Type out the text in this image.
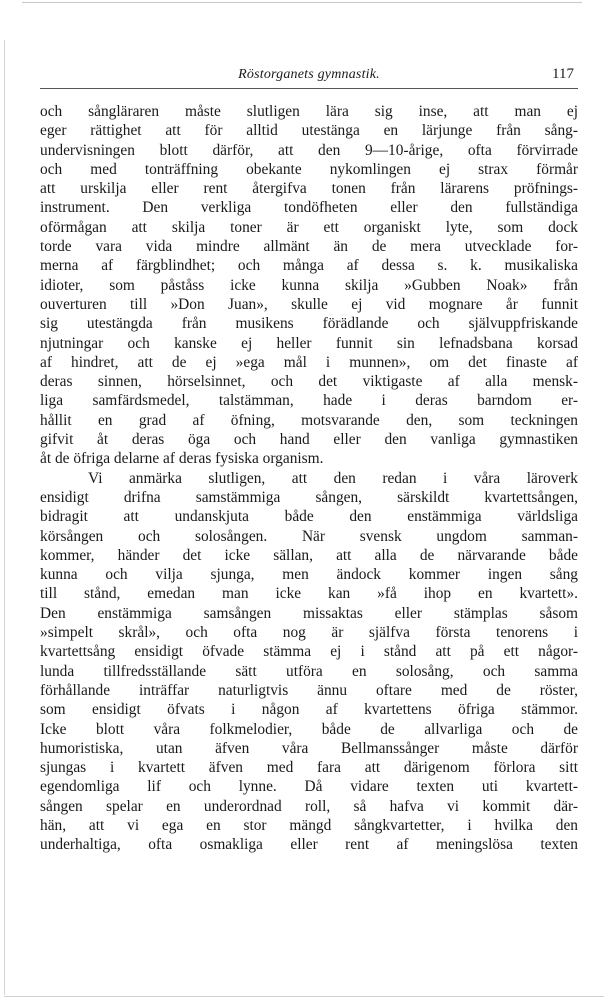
Röstorganets gymnastik.	117
och sångläraren måste slutligen lära sig inse, att man ej
eger rättighet att för alltid utestänga en lärjunge från sång-
undervisningen blott därför, att den 9—10-årige, ofta förvirrade
och med tonträffning obekante nykomlingen ej strax förmår
att urskilja eller rent återgifva tonen från lärarens pröfnings-
instrument. Den verkliga tondöfheten eller den fullständiga
oförmågan att skilja toner är ett organiskt lyte, som dock
torde vara vida mindre allmänt än de mera utvecklade for-
merna af färgblindhet; och många af dessa s. k. musikaliska
idioter, som påståss icke kunna skilja »Gubben Noak» från
ouverturen till »Don Juan», skulle ej vid mognare år funnit
sig utestängda från musikens förädlande och självuppfriskande
njutningar och kanske ej heller funnit sin lefnadsbana korsad
af hindret, att de ej »ega mål i munnen», om det finaste af
deras sinnen, hörselsinnet, och det viktigaste af alla mensk-
liga samfärdsmedel, talstämman, hade i deras barndom er-
hållit en grad af öfning, motsvarande den, som teckningen
gifvit åt deras öga och hand eller den vanliga gymnastiken
åt de öfriga delarne af deras fysiska organism.
Vi anmärka slutligen, att den redan i våra läroverk
ensidigt drifna samstämmiga sången, särskildt kvartettsången,
bidragit att undanskjuta både den enstämmiga världsliga
körsången och solosången. När svensk ungdom samman-
kommer, händer det icke sällan, att alla de närvarande både
kunna och vilja sjunga, men ändock kommer ingen sång
till stånd, emedan man icke kan »få ihop en kvartett».
Den enstämmiga samsången missaktas eller stämplas såsom
»simpelt skrål», och ofta nog är själfva första tenorens i
kvartettsång ensidigt öfvade stämma ej i stånd att på ett någor-
lunda tillfredsställande sätt utföra en solosång, och samma
förhållande inträffar naturligtvis ännu oftare med de röster,
som ensidigt öfvats i någon af kvartettens öfriga stämmor.
Icke blott våra folkmelodier, både de allvarliga och de
humoristiska, utan äfven våra Bellmanssånger måste därför
sjungas i kvartett äfven med fara att därigenom förlora sitt
egendomliga lif och lynne. Då vidare texten uti kvartett-
sången spelar en underordnad roll, så hafva vi kommit där-
hän, att vi ega en stor mängd sångkvartetter, i hvilka den
underhaltiga, ofta osmakliga eller rent af meningslösa texten
